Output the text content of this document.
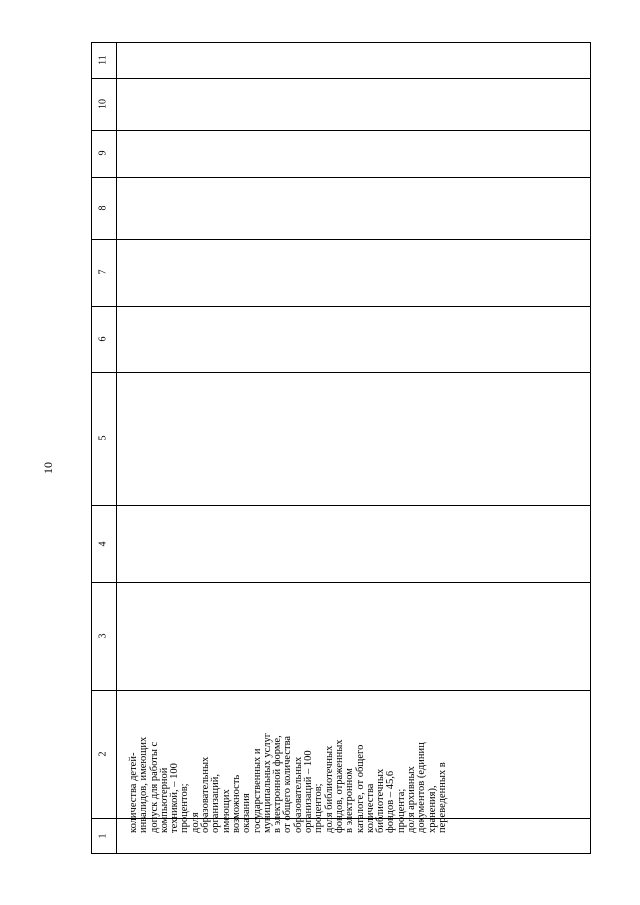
10
11
10
9
8
7
6
5
4
3
2
1
количества детей- инвалидов, имеющих допуск для работы с компьютерной техникой, – 100 процентов; доля образовательных организаций, имеющих возможность оказания государственных и муниципальных услуг в электронной форме, от общего количества образовательных организаций – 100 процентов; доля библиотечных фондов, отраженных в электронном каталоге, от общего количества библиотечных фондов – 45,6 процента; доля архивных документов (единиц хранения), переведенных в
